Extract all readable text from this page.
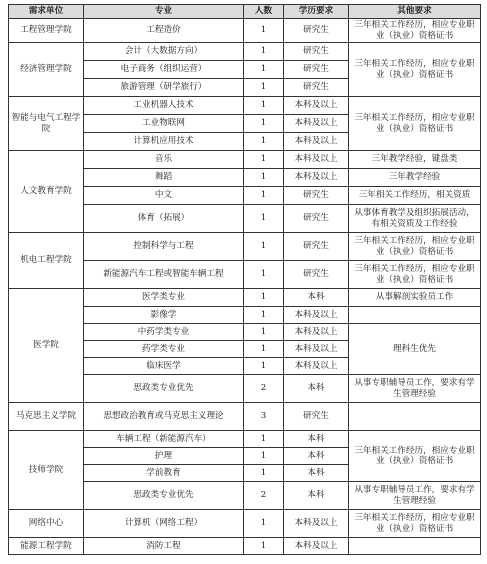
需求单位	专业	人数	学历要求	其他要求
工程管理学院	工程造价	1	研究生	三年相关工作经历，相应专业职业（执业）资格证书
经济管理学院	会计（大数据方向）	1	研究生	三年相关工作经历，相应专业职业（执业）资格证书
	电子商务（组织运营）	1	研究生	
	旅游管理（研学旅行）	1	研究生	
智能与电气工程学院	工业机器人技术	1	本科及以上	三年相关工作经历，相应专业职业（执业）资格证书
	工业物联网	1	本科及以上	
	计算机应用技术	1	本科及以上	
人文教育学院	音乐	1	本科及以上	三年教学经验，键盘类
	舞蹈	1	本科及以上	三年教学经验
	中文	1	研究生	三年相关工作经历，相关资质
	体育（拓展）	1	研究生	从事体育教学及组织拓展活动，有相关资质及工作经验
机电工程学院	控制科学与工程	1	研究生	三年相关工作经历，相应专业职业（执业）资格证书
	新能源汽车工程或智能车辆工程	1	研究生	三年相关工作经历，相应专业职业（执业）资格证书
医学院	医学类专业	1	本科	从事解剖实验员工作
	影像学	1	本科及以上	
	中药学类专业	1	本科及以上	理科生优先
	药学类专业	1	本科及以上	
	临床医学	1	本科及以上	
	思政类专业优先	2	本科	从事专职辅导员工作，要求有学生管理经验
马克思主义学院	思想政治教育或马克思主义理论	3	研究生	
技师学院	车辆工程（新能源汽车）	1	本科	三年相关工作经历，相应专业职业（执业）资格证书
	护理	1	本科	
	学前教育	1	本科	
	思政类专业优先	2	本科	从事专职辅导员工作，要求有学生管理经验
网络中心	计算机（网络工程）	1	本科及以上	三年相关工作经历，相应专业职业（执业）资格证书
能源工程学院	消防工程	1	本科及以上	
